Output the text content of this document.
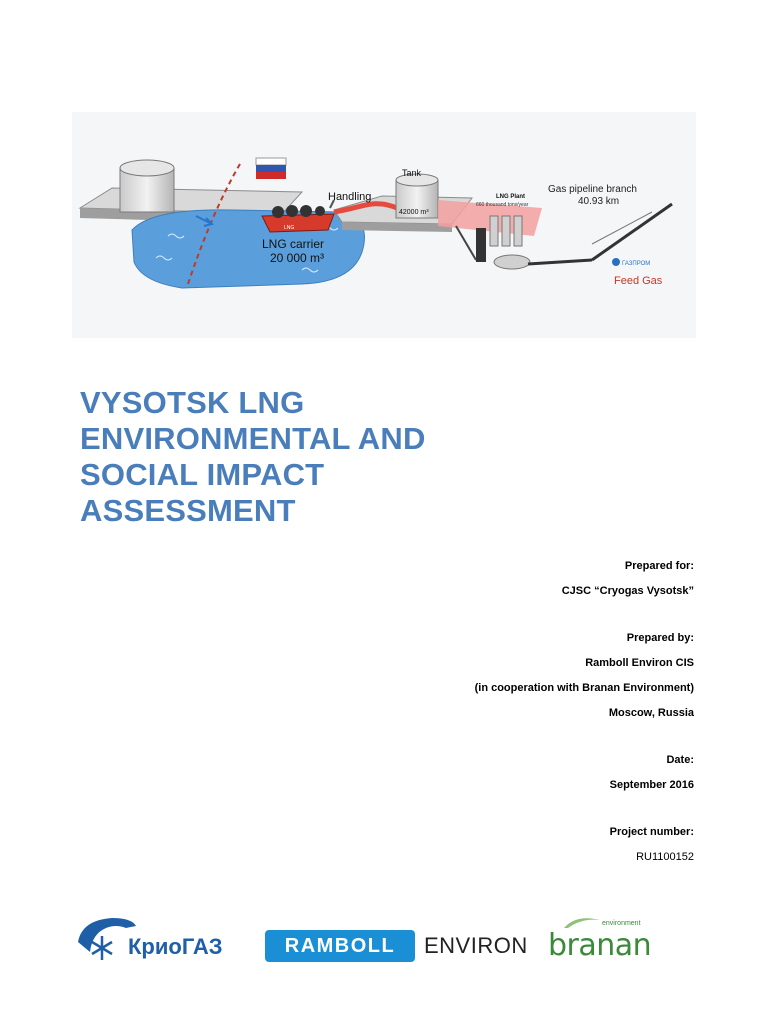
LNG
Handling
Tank
42000 m³
LNG Plant
660 thousand tons/year
Gas pipeline branch
40.93 km
LNG carrier
20 000 m³
Feed Gas
ГАЗПРОМ
VYSOTSK LNG
ENVIRONMENTAL AND
SOCIAL IMPACT
ASSESSMENT
Prepared for:
CJSC “Cryogas Vysotsk”
Prepared by:
Ramboll Environ CIS
(in cooperation with Branan Environment)
Moscow, Russia
Date:
September 2016
Project number:
RU1100152
КриоГАЗ	RAMBOLL	ENVIRON
environment
branan
